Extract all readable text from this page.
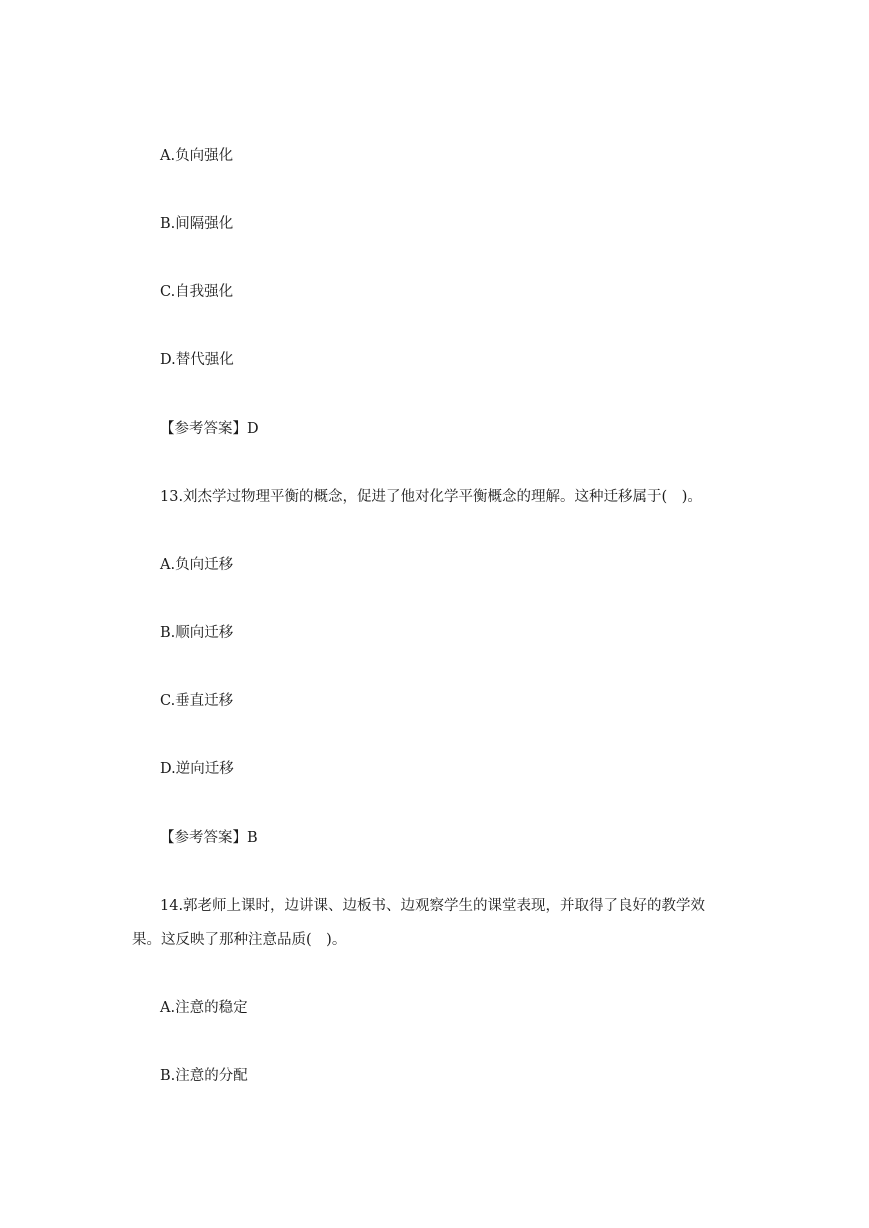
A.负向强化
B.间隔强化
C.自我强化
D.替代强化
【参考答案】D
13.刘杰学过物理平衡的概念，促进了他对化学平衡概念的理解。这种迁移属于(　)。
A.负向迁移
B.顺向迁移
C.垂直迁移
D.逆向迁移
【参考答案】B
14.郭老师上课时，边讲课、边板书、边观察学生的课堂表现，并取得了良好的教学效
果。这反映了那种注意品质(　)。
A.注意的稳定
B.注意的分配
